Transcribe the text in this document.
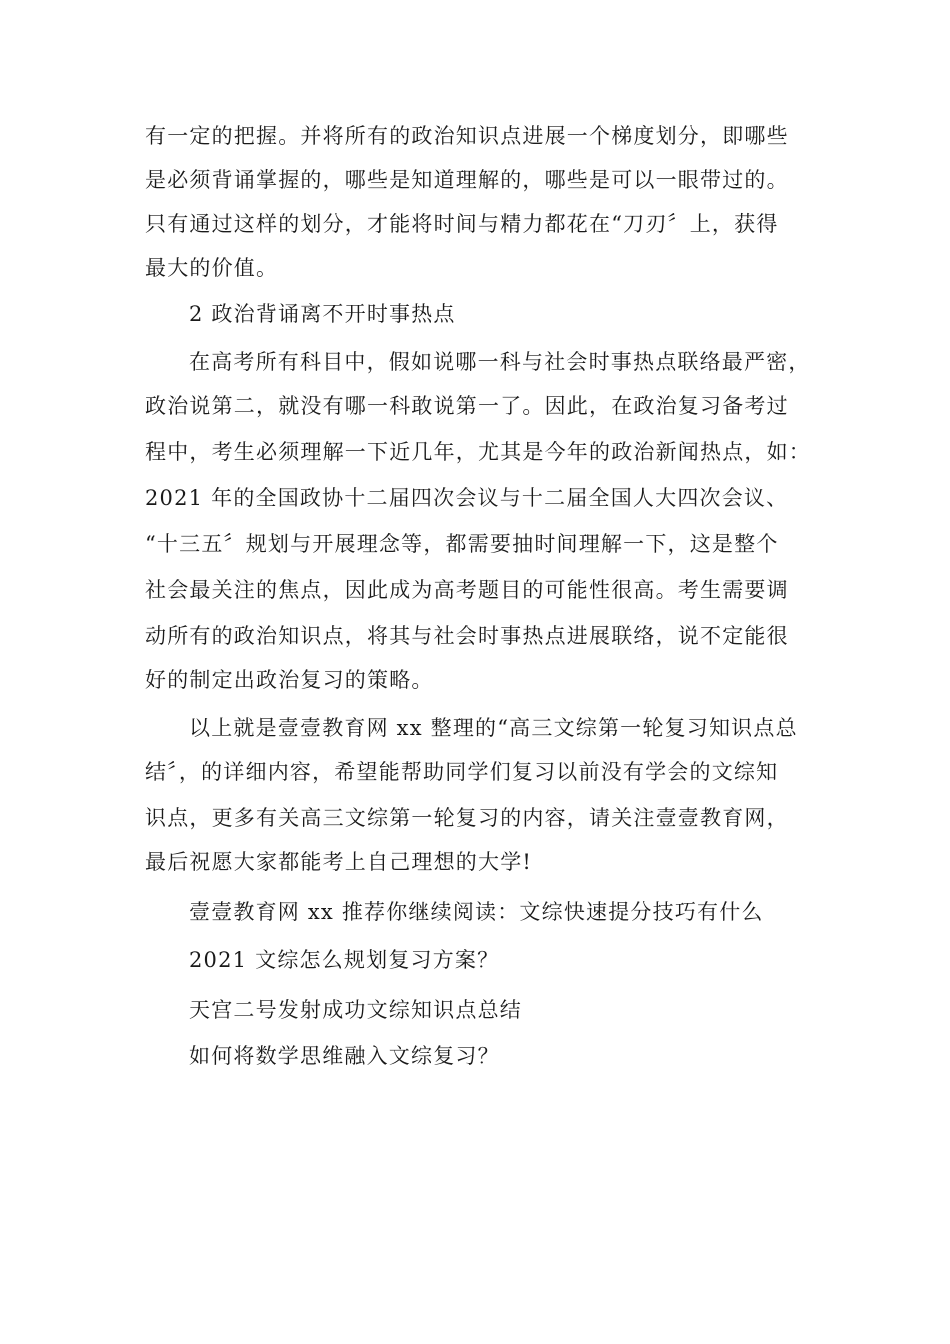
有一定的把握。并将所有的政治知识点进展一个梯度划分，即哪些
是必须背诵掌握的，哪些是知道理解的，哪些是可以一眼带过的。
只有通过这样的划分，才能将时间与精力都花在“刀刃〞上，获得
最大的价值。
2 政治背诵离不开时事热点
在高考所有科目中，假如说哪一科与社会时事热点联络最严密，
政治说第二，就没有哪一科敢说第一了。因此，在政治复习备考过
程中，考生必须理解一下近几年，尤其是今年的政治新闻热点，如：
2021 年的全国政协十二届四次会议与十二届全国人大四次会议、
“十三五〞规划与开展理念等，都需要抽时间理解一下，这是整个
社会最关注的焦点，因此成为高考题目的可能性很高。考生需要调
动所有的政治知识点，将其与社会时事热点进展联络，说不定能很
好的制定出政治复习的策略。
以上就是壹壹教育网 xx 整理的“高三文综第一轮复习知识点总
结〞，的详细内容，希望能帮助同学们复习以前没有学会的文综知
识点，更多有关高三文综第一轮复习的内容，请关注壹壹教育网，
最后祝愿大家都能考上自己理想的大学!
壹壹教育网 xx 推荐你继续阅读：文综快速提分技巧有什么
2021 文综怎么规划复习方案？
天宫二号发射成功文综知识点总结
如何将数学思维融入文综复习？
